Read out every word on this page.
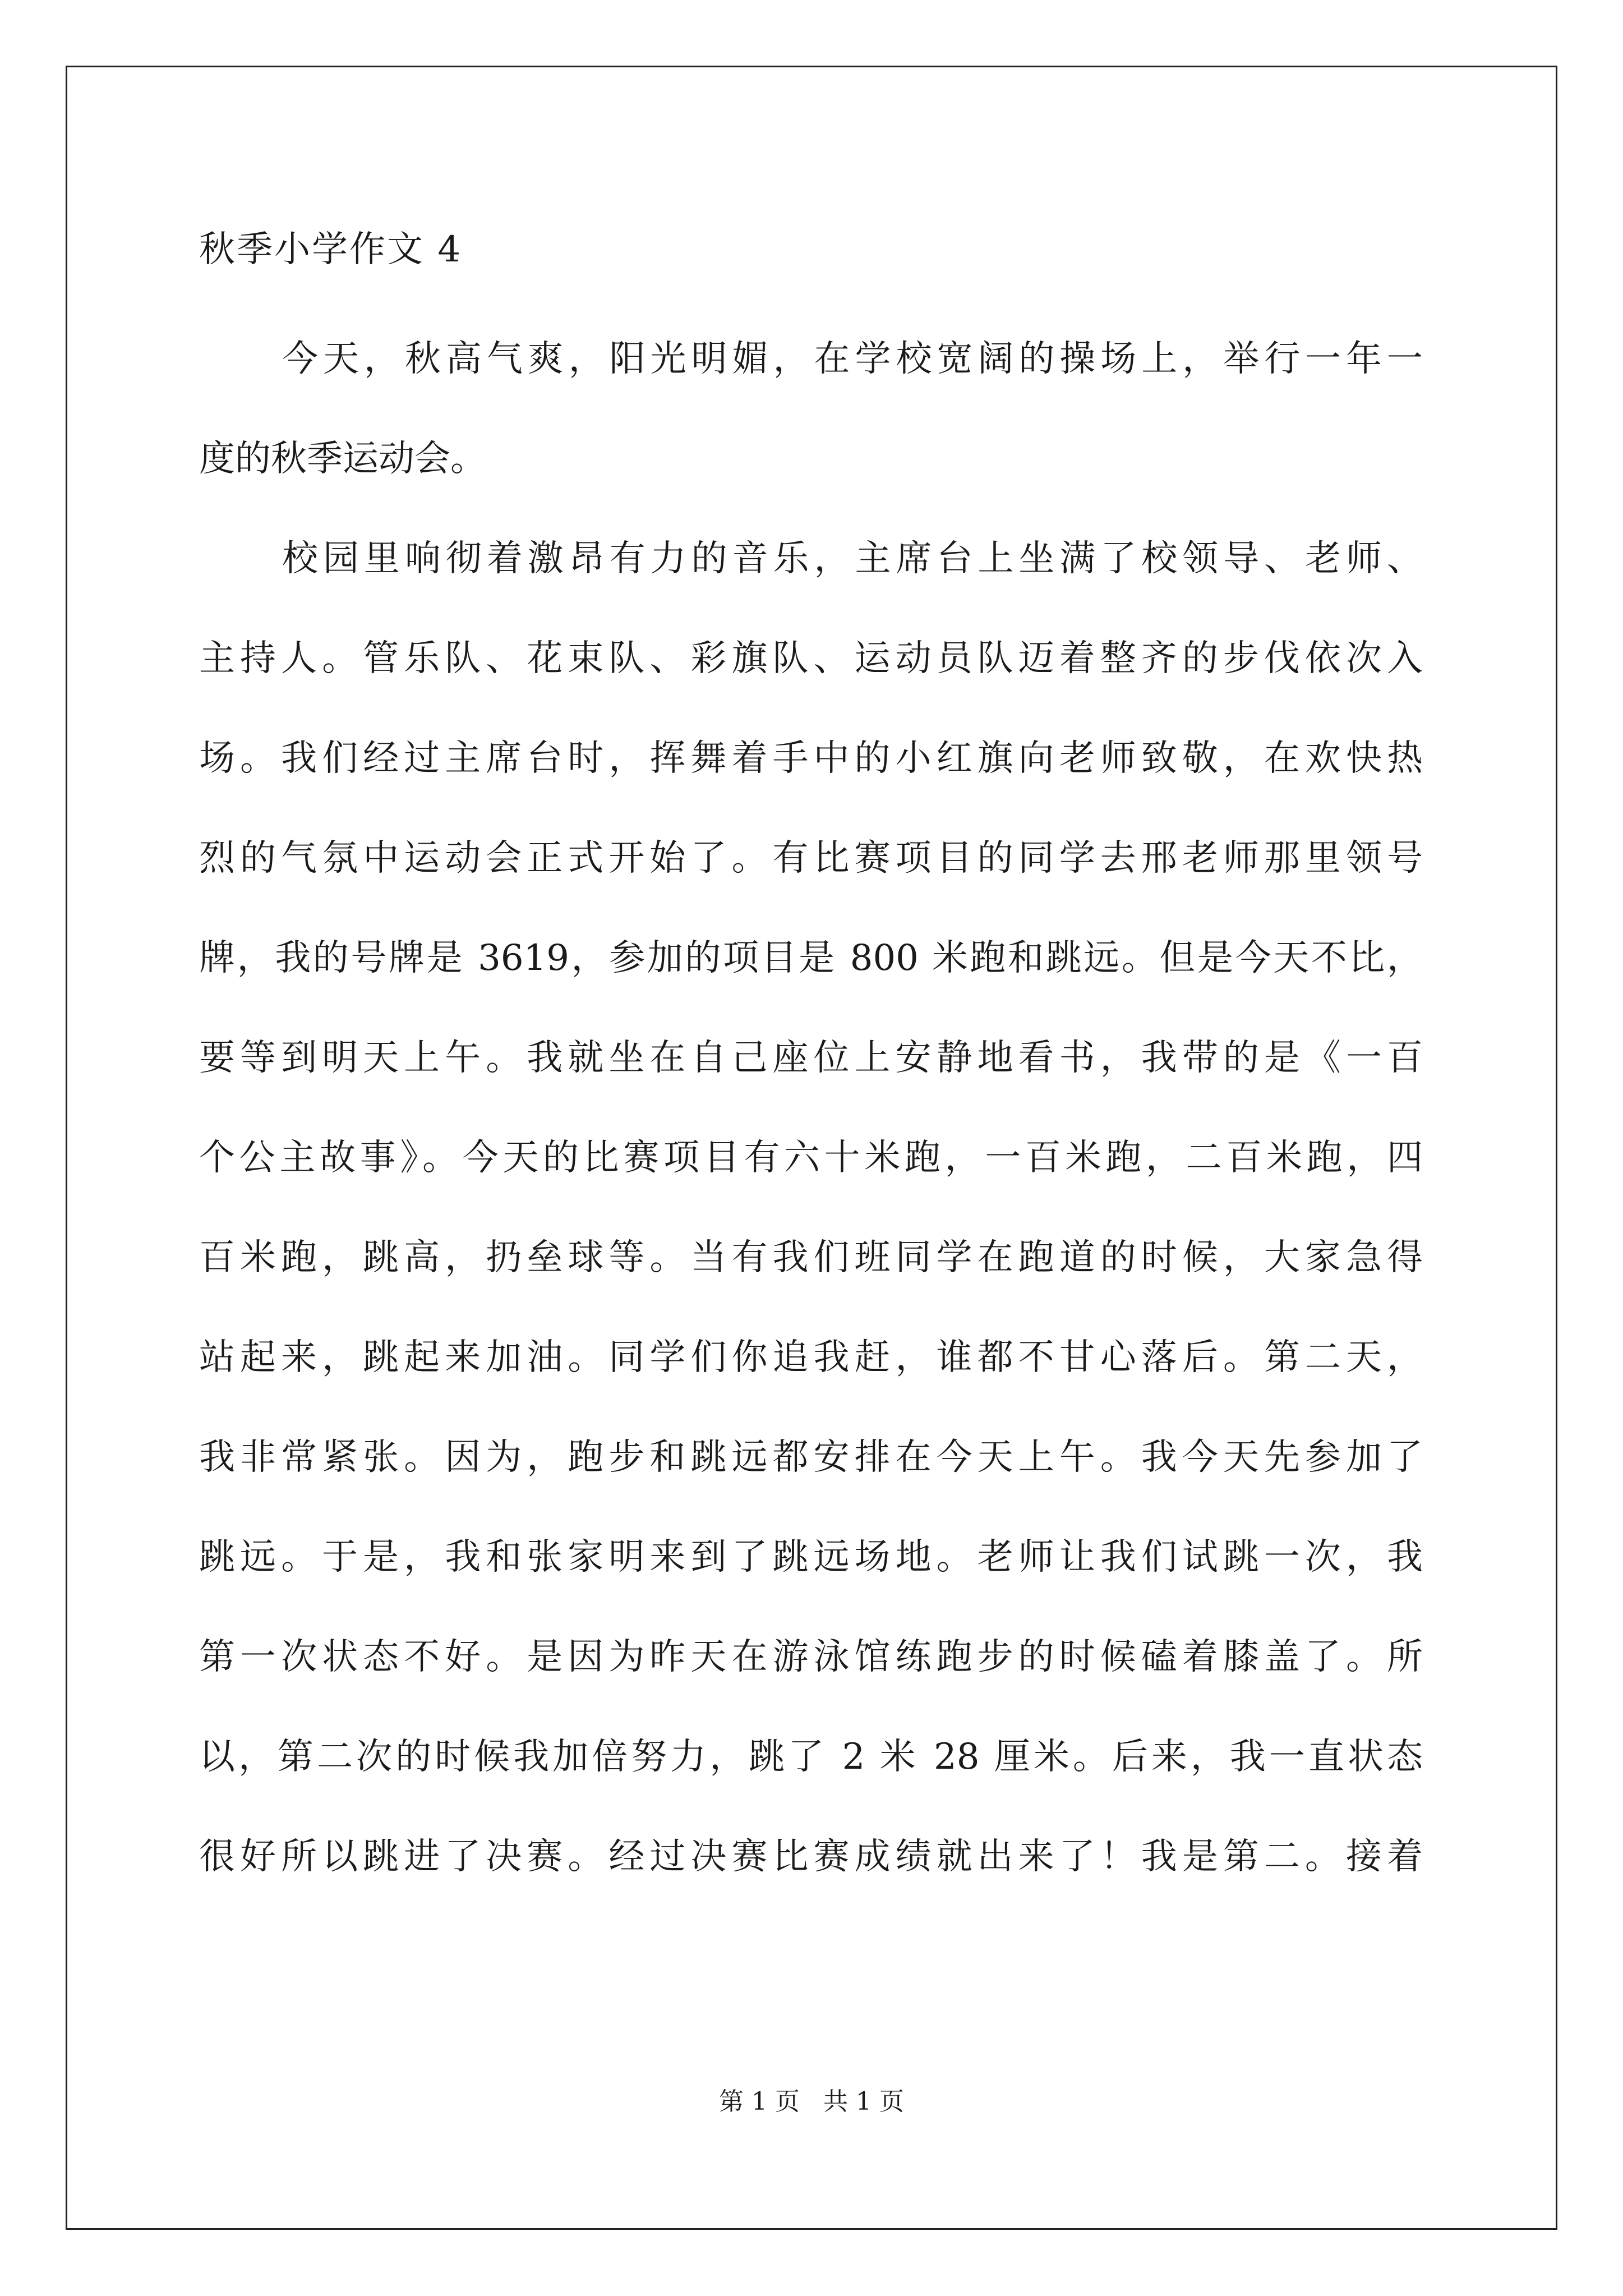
秋季小学作文 4
今天，秋高气爽，阳光明媚，在学校宽阔的操场上，举行一年一
度的秋季运动会。
校园里响彻着激昂有力的音乐，主席台上坐满了校领导、老师、
主持人。管乐队、花束队、彩旗队、运动员队迈着整齐的步伐依次入
场。我们经过主席台时，挥舞着手中的小红旗向老师致敬，在欢快热
烈的气氛中运动会正式开始了。有比赛项目的同学去邢老师那里领号
牌，我的号牌是 3619，参加的项目是 800 米跑和跳远。但是今天不比，
要等到明天上午。我就坐在自己座位上安静地看书，我带的是《一百
个公主故事》。今天的比赛项目有六十米跑，一百米跑，二百米跑，四
百米跑，跳高，扔垒球等。当有我们班同学在跑道的时候，大家急得
站起来，跳起来加油。同学们你追我赶，谁都不甘心落后。第二天，
我非常紧张。因为，跑步和跳远都安排在今天上午。我今天先参加了
跳远。于是，我和张家明来到了跳远场地。老师让我们试跳一次，我
第一次状态不好。是因为昨天在游泳馆练跑步的时候磕着膝盖了。所
以，第二次的时候我加倍努力，跳了 2 米 28 厘米。后来，我一直状态
很好所以跳进了决赛。经过决赛比赛成绩就出来了！我是第二。接着
第 1 页   共 1 页
